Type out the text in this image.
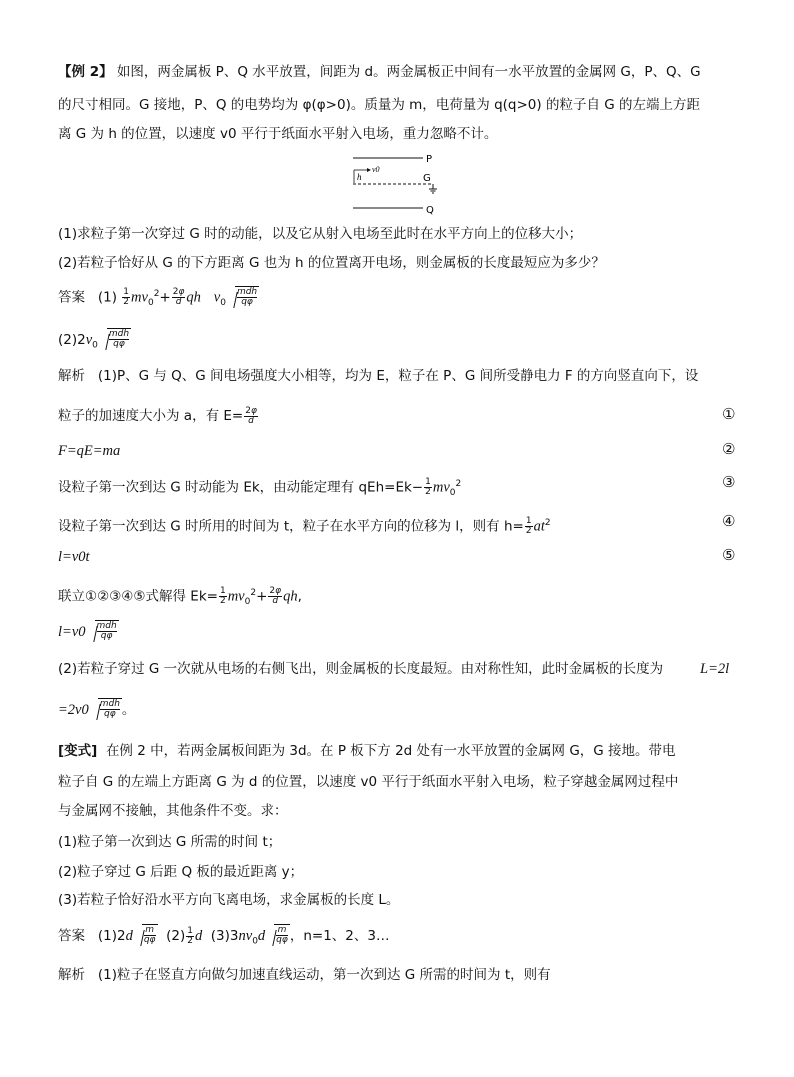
【例 2】 如图，两金属板 P、Q 水平放置，间距为 d。两金属板正中间有一水平放置的金属网 G，P、Q、G
的尺寸相同。G 接地，P、Q 的电势均为 φ(φ>0)。质量为 m，电荷量为 q(q>0) 的粒子自 G 的左端上方距
离 G 为 h 的位置，以速度 v0 平行于纸面水平射入电场，重力忽略不计。
P
G
Q
h
v0
(1)求粒子第一次穿过 G 时的动能，以及它从射入电场至此时在水平方向上的位移大小；
(2)若粒子恰好从 G 的下方距离 G 也为 h 的位置离开电场，则金属板的长度最短应为多少？
答案 $(1) \frac{1}{2} mv_0^2+ \frac{2\varphi}{d}$ qh $v_0$
mdh
qφ
$(2)2v_0$
mdh
qφ
解析 (1)P、G 与 Q、G 间电场强度大小相等，均为 E，粒子在 P、G 间所受静电力 F 的方向竖直向下，设
粒子的加速度大小为 a，有 $E= \frac{2\varphi}{d}$	①
F=qE=ma	②
设粒子第一次到达 G 时动能为 Ek，由动能定理有 $qEh=Ek- \frac{1}{2} mv_0^2$	③
设粒子第一次到达 G 时所用的时间为 t，粒子在水平方向的位移为 l，则有 $h= \frac{1}{2} at^2$	④
l=v0t	⑤
联立①②③④⑤式解得 $Ek= \frac{1}{2} mv_0^2+ \frac{2\varphi}{d}$ qh,
l=v0 mdh
qφ
(2)若粒子穿过 G 一次就从电场的右侧飞出，则金属板的长度最短。由对称性知，此时金属板的长度为	L=2l
=2v0 mdh
qφ 。
[变式] 在例 2 中，若两金属板间距为 3d。在 P 板下方 2d 处有一水平放置的金属网 G，G 接地。带电
粒子自 G 的左端上方距离 G 为 d 的位置，以速度 v0 平行于纸面水平射入电场，粒子穿越金属网过程中
与金属网不接触，其他条件不变。求：
(1)粒子第一次到达 G 所需的时间 t；
(2)粒子穿过 G 后距 Q 板的最近距离 y；
(3)若粒子恰好沿水平方向飞离电场，求金属板的长度 L。
答案   $(1)2d \frac{m}{q\varphi} (2) \frac{1}{2}$ d  $(3)3nv_0d \frac{m}{q\varphi}$ ，n=1、2、3…
解析 (1)粒子在竖直方向做匀加速直线运动，第一次到达 G 所需的时间为 t，则有
